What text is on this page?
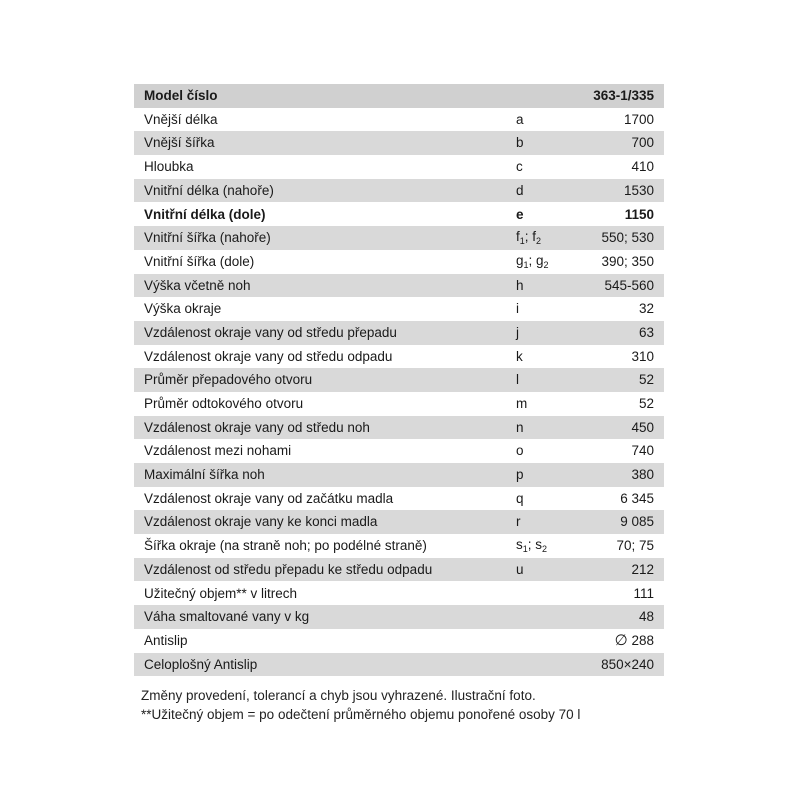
Model číslo		363-1/335
Vnější délka	a	1700
Vnější šířka	b	700
Hloubka	c	410
Vnitřní délka (nahoře)	d	1530
Vnitřní délka (dole)	e	1150
Vnitřní šířka (nahoře)	$f_1$; $f_2$	550; 530
Vnitřní šířka (dole)	$g_1$; $g_2$	390; 350
Výška včetně noh	h	545-560
Výška okraje	i	32
Vzdálenost okraje vany od středu přepadu	j	63
Vzdálenost okraje vany od středu odpadu	k	310
Průměr přepadového otvoru	l	52
Průměr odtokového otvoru	m	52
Vzdálenost okraje vany od středu noh	n	450
Vzdálenost mezi nohami	o	740
Maximální šířka noh	p	380
Vzdálenost okraje vany od začátku madla	q	6 345
Vzdálenost okraje vany ke konci madla	r	9 085
Šířka okraje (na straně noh; po podélné straně)	$s_1$; $s_2$	70; 75
Vzdálenost od středu přepadu ke středu odpadu	u	212
Užitečný objem** v litrech		111
Váha smaltované vany v kg		48
Antislip		∅ 288
Celoplošný Antislip		850×240
Změny provedení, tolerancí a chyb jsou vyhrazené. Ilustrační foto.
**Užitečný objem = po odečtení průměrného objemu ponořené osoby 70 l
